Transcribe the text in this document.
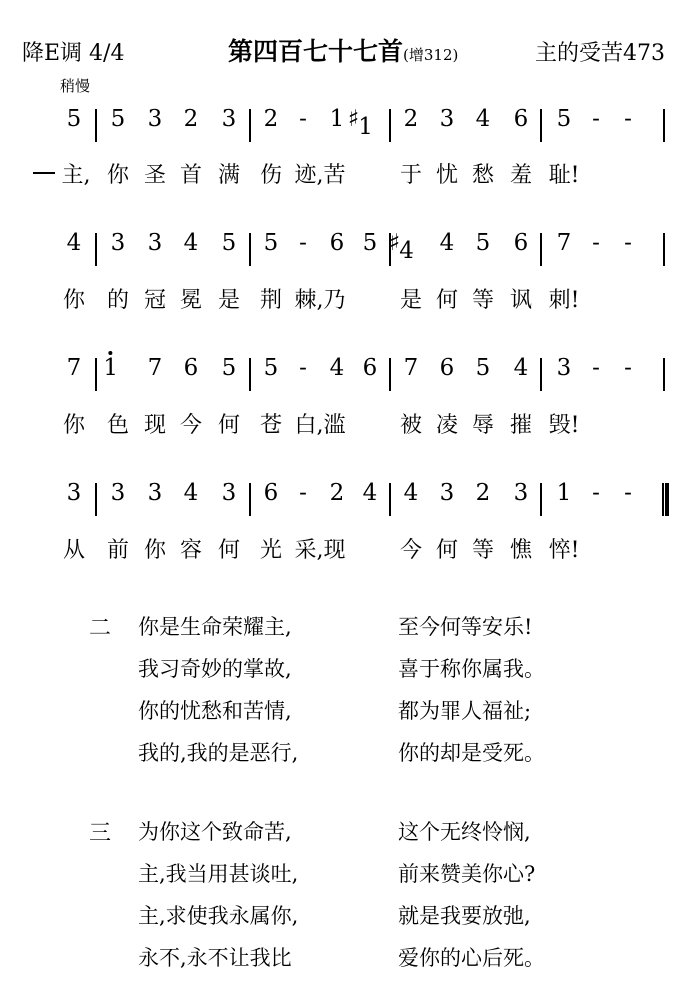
降E调 4/4
稍慢
第四百七十七首(增312)	主的受苦473
5 5 3 2 3 2 - 1 ♯1 2 3 4 6 5 - -
主, 你 圣 首 满 伤 迹,苦 于 忧 愁 羞 耻!
4 3 3 4 5 5 - 6 5 ♯4 4 5 6 7 - -
你 的 冠 冕 是 荆 棘,乃 是 何 等 讽 刺!
7 1 7 6 5 5 - 4 6 7 6 5 4 3 - -
你 色 现 今 何 苍 白,滥 被 凌 辱 摧 毁!
3 3 3 4 3 6 - 2 4 4 3 2 3 1 - -
从 前 你 容 何 光 采,现 今 何 等 憔 悴!
二 你是生命荣耀主,	至今何等安乐!
我习奇妙的掌故,	喜于称你属我。
你的忧愁和苦情,	都为罪人福祉;
我的,我的是恶行,	你的却是受死。
三 为你这个致命苦,	这个无终怜悯,
主,我当用甚谈吐,	前来赞美你心?
主,求使我永属你,	就是我要放弛,
永不,永不让我比	爱你的心后死。
